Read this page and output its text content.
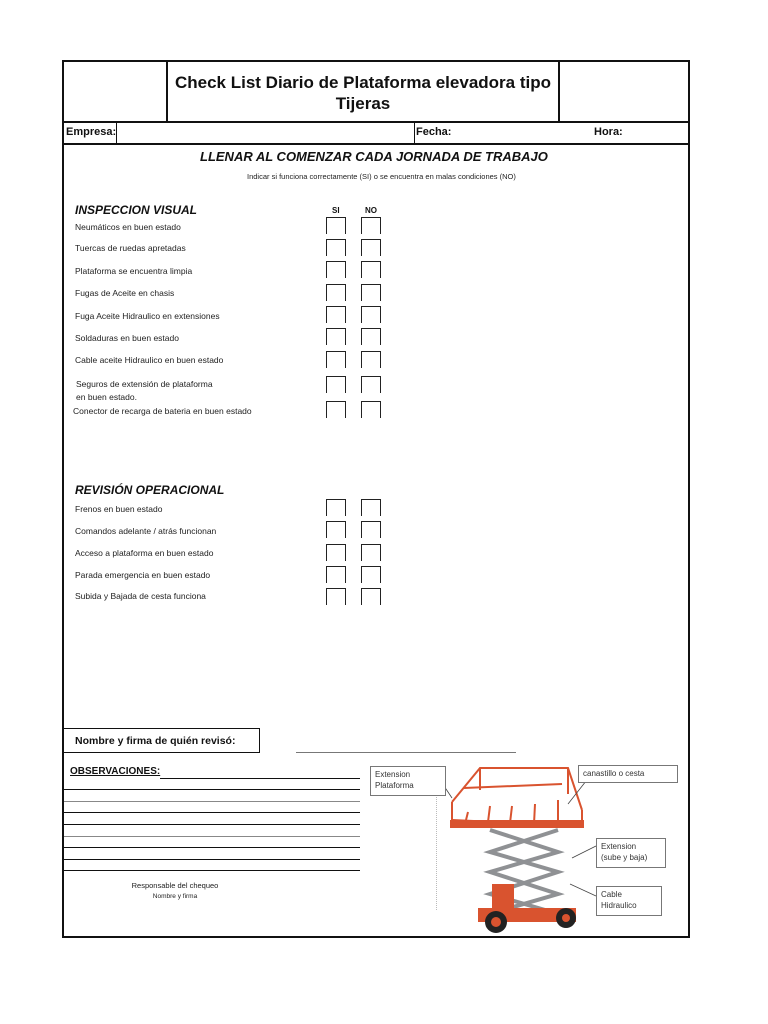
Check List Diario de Plataforma elevadora tipo
Tijeras
Empresa:	Fecha:	Hora:
LLENAR AL COMENZAR CADA JORNADA DE TRABAJO
Indicar si funciona correctamente (SI) o se encuentra en malas condiciones (NO)
INSPECCION VISUAL	SI	NO
Neumáticos en buen estado
Tuercas de ruedas apretadas
Plataforma se encuentra limpia
Fugas de Aceite en chasis
Fuga Aceite Hidraulico en extensiones
Soldaduras en buen estado
Cable aceite Hidraulico en buen estado
Seguros de extensión de plataforma
en buen estado.
Conector de recarga de bateria en buen estado
REVISIÓN OPERACIONAL
Frenos en buen estado
Comandos adelante / atrás funcionan
Acceso a plataforma en buen estado
Parada emergencia en buen estado
Subida y Bajada de cesta funciona
Nombre y firma de quién revisó:
OBSERVACIONES:
Responsable del chequeo
Nombre y firma
Extension
Plataforma
canastillo o cesta
Extension
(sube y baja)
Cable
Hidraulico
